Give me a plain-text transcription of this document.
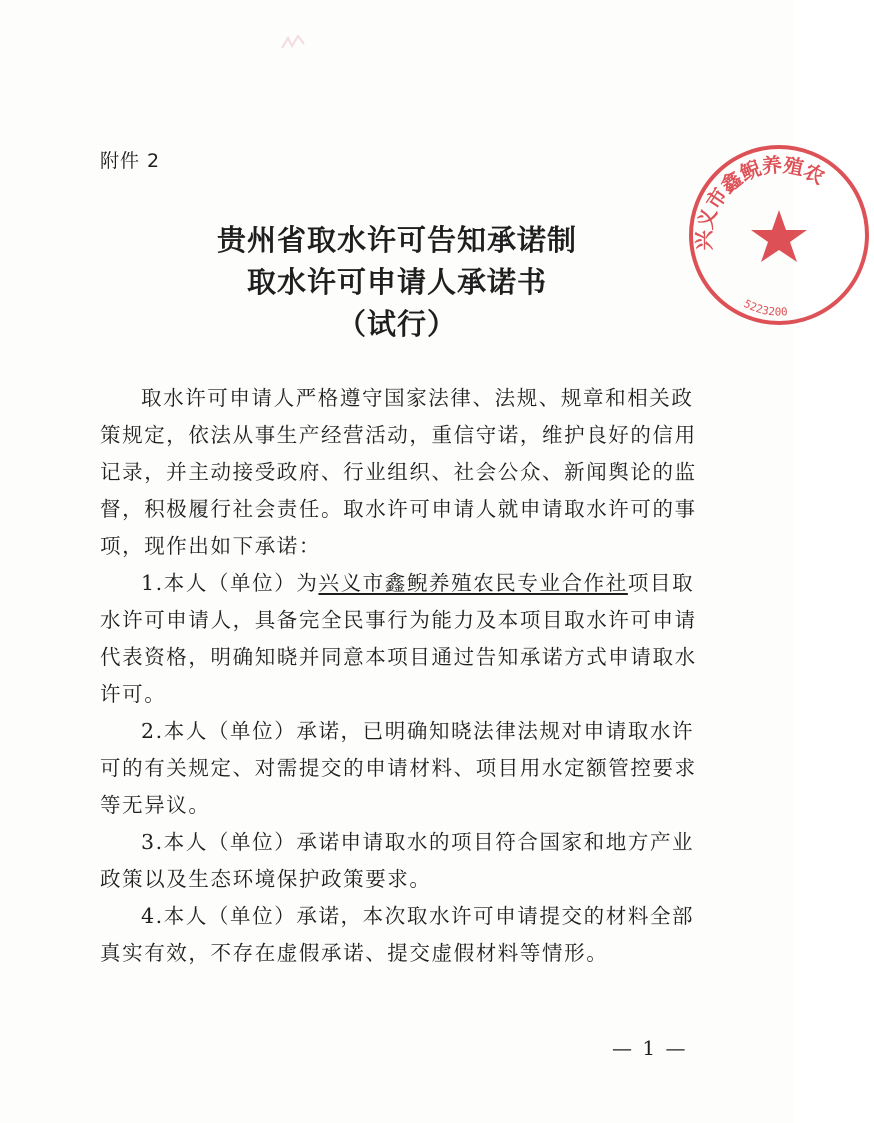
附件 2
贵州省取水许可告知承诺制
取水许可申请人承诺书
（试行）

取水许可申请人严格遵守国家法律、法规、规章和相关政策规定，依法从事生产经营活动，重信守诺，维护良好的信用记录，并主动接受政府、行业组织、社会公众、新闻舆论的监督，积极履行社会责任。取水许可申请人就申请取水许可的事项，现作出如下承诺：

1.本人（单位）为兴义市鑫鲵养殖农民专业合作社项目取水许可申请人，具备完全民事行为能力及本项目取水许可申请代表资格，明确知晓并同意本项目通过告知承诺方式申请取水许可。

2.本人（单位）承诺，已明确知晓法律法规对申请取水许可的有关规定、对需提交的申请材料、项目用水定额管控要求等无异议。

3.本人（单位）承诺申请取水的项目符合国家和地方产业政策以及生态环境保护政策要求。

4.本人（单位）承诺，本次取水许可申请提交的材料全部真实有效，不存在虚假承诺、提交虚假材料等情形。

— 1 —
兴义市鑫鲵养殖农
5223200
